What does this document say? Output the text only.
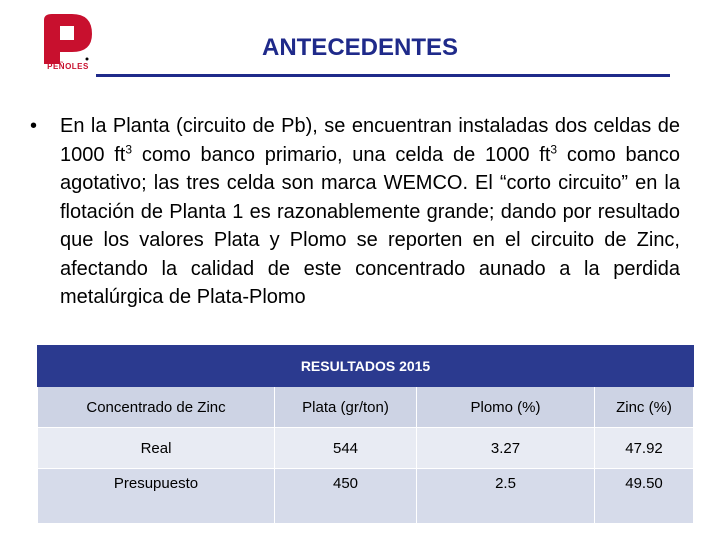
PEÑOLES
ANTECEDENTES
• En la Planta (circuito de Pb), se encuentran instaladas dos celdas de 1000 $ft^3$ como banco primario, una celda de 1000 $ft^3$ como banco agotativo; las tres celda son marca WEMCO. El “corto circuito” en la flotación de Planta 1 es razonablemente grande; dando por resultado que los valores Plata y Plomo se reporten en el circuito de Zinc, afectando la calidad de este concentrado aunado a la perdida metalúrgica de Plata-Plomo
RESULTADOS 2015			
Concentrado de Zinc	Plata (gr/ton)	Plomo (%)	Zinc (%)
Real	544	3.27	47.92
Presupuesto	450	2.5	49.50
